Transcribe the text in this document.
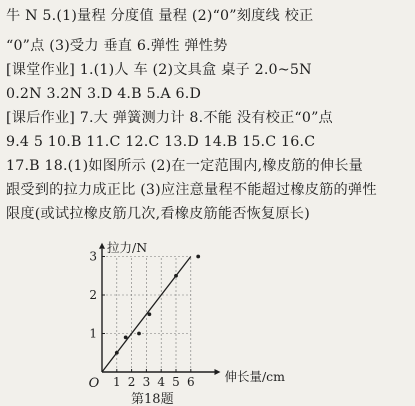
牛 N 5.(1)量程 分度值 量程 (2)“0”刻度线 校正
“0”点 (3)受力 垂直 6.弹性 弹性势
[课堂作业] 1.(1)人 车 (2)文具盒 桌子 2.0~5N
0.2N 3.2N 3.D 4.B 5.A 6.D
[课后作业] 7.大 弹簧测力计 8.不能 没有校正“0”点
9.4 5 10.B 11.C 12.C 13.D 14.B 15.C 16.C
17.B 18.(1)如图所示 (2)在一定范围内,橡皮筋的伸长量
跟受到的拉力成正比 (3)应注意量程不能超过橡皮筋的弹性
限度(或试拉橡皮筋几次,看橡皮筋能否恢复原长)
1 2 3 4 5 6
1
2
3
O
拉力/N
伸长量/cm
第18题
